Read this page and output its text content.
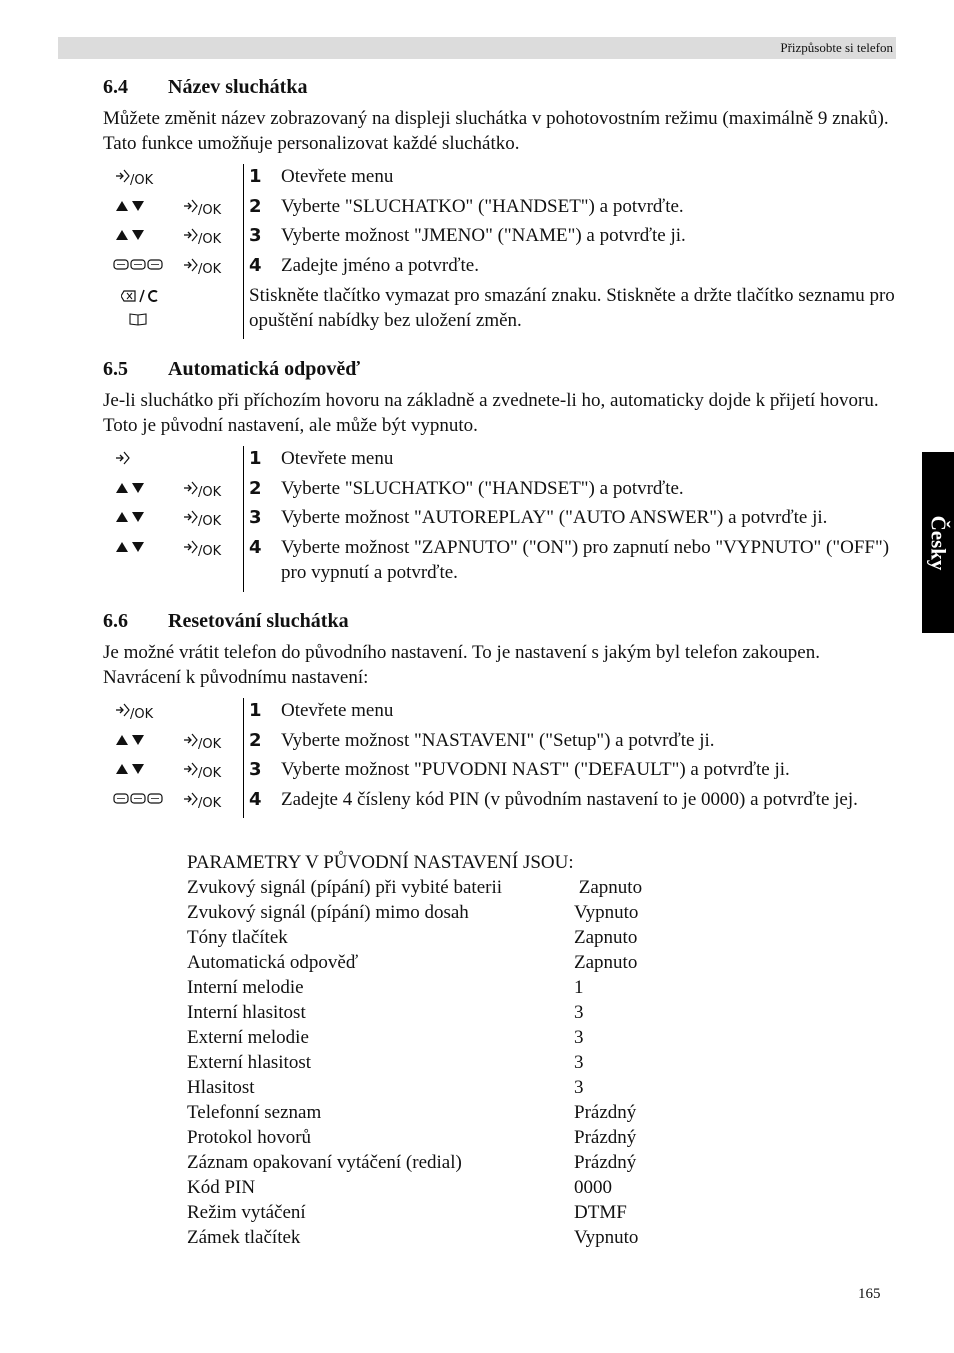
Přizpůsobte si telefon
Česky
6.4 Název sluchátka
Můžete změnit název zobrazovaný na displeji sluchátka v pohotovostním režimu (maximálně 9 znaků). Tato funkce umožňuje personalizovat každé sluchátko.
/OK	1 Otevřete menu
/OK 2 Vyberte "SLUCHATKO" ("HANDSET") a potvrďte.
/OK 3 Vyberte možnost "JMENO" ("NAME") a potvrďte ji.
/OK 4 Zadejte jméno a potvrďte.
Stiskněte tlačítko vymazat pro smazání znaku. Stiskněte a držte tlačítko seznamu pro opuštění nabídky bez uložení změn.
6.5 Automatická odpověď
Je-li sluchátko při příchozím hovoru na základně a zvednete-li ho, automaticky dojde k přijetí hovoru. Toto je původní nastavení, ale může být vypnuto.
1 Otevřete menu
/OK 2 Vyberte "SLUCHATKO" ("HANDSET") a potvrďte.
/OK 3 Vyberte možnost "AUTOREPLAY" ("AUTO ANSWER") a potvrďte ji.
/OK 4 Vyberte možnost "ZAPNUTO" ("ON") pro zapnutí nebo "VYPNUTO" ("OFF") pro vypnutí a potvrďte.
6.6 Resetování sluchátka
Je možné vrátit telefon do původního nastavení. To je nastavení s jakým byl telefon zakoupen. Navrácení k původnímu nastavení:
/OK	1 Otevřete menu
/OK 2 Vyberte možnost "NASTAVENI" ("Setup") a potvrďte ji.
/OK 3 Vyberte možnost "PUVODNI NAST" ("DEFAULT") a potvrďte ji.
/OK 4 Zadejte 4 čísleny kód PIN (v původním nastavení to je 0000) a potvrďte jej.
PARAMETRY V PŮVODNÍ NASTAVENÍ JSOU:
Zvukový signál (pípání) při vybité baterii	Zapnuto
Zvukový signál (pípání) mimo dosah	Vypnuto
Tóny tlačítek	Zapnuto
Automatická odpověď	Zapnuto
Interní melodie	1
Interní hlasitost	3
Externí melodie	3
Externí hlasitost	3
Hlasitost	3
Telefonní seznam	Prázdný
Protokol hovorů	Prázdný
Záznam opakovaní vytáčení (redial)	Prázdný
Kód PIN	0000
Režim vytáčení	DTMF
Zámek tlačítek	Vypnuto
165
